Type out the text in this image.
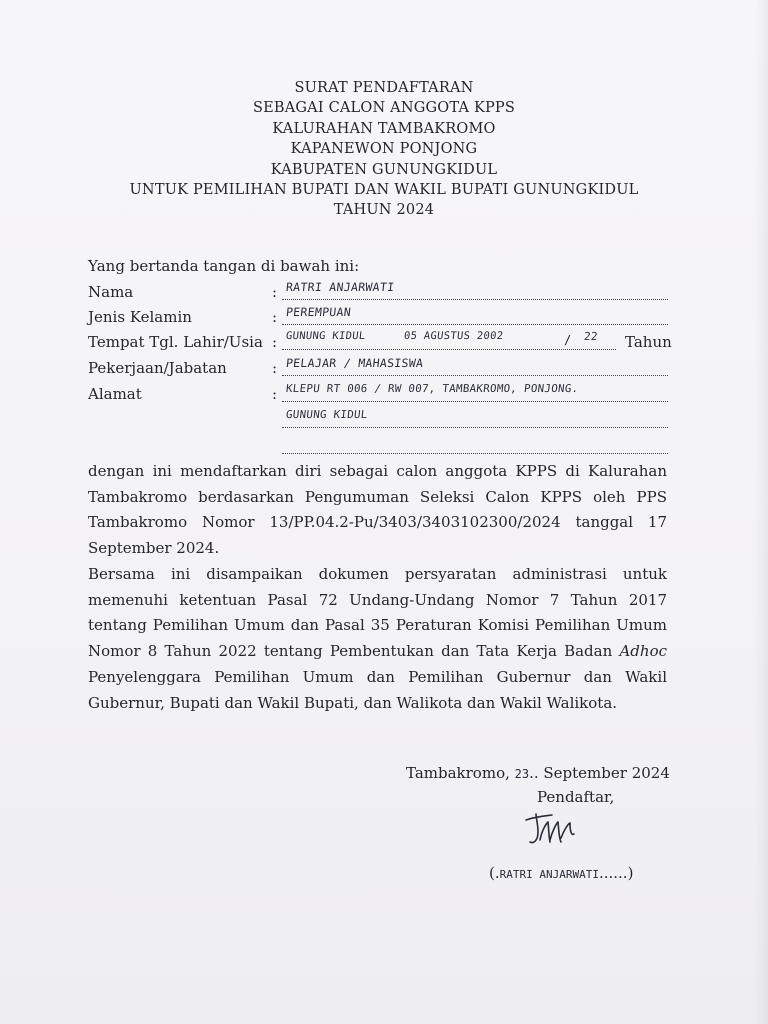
SURAT PENDAFTARAN
SEBAGAI CALON ANGGOTA KPPS
KALURAHAN TAMBAKROMO
KAPANEWON PONJONG
KABUPATEN GUNUNGKIDUL
UNTUK PEMILIHAN BUPATI DAN WAKIL BUPATI GUNUNGKIDUL
TAHUN 2024
Yang bertanda tangan di bawah ini:
Nama	: RATRI ANJARWATI
Jenis Kelamin	: PEREMPUAN
Tempat Tgl. Lahir/Usia : GUNUNG KIDUL	05 AGUSTUS 2002	/ 22 Tahun
Pekerjaan/Jabatan	: PELAJAR / MAHASISWA
Alamat	: KLEPU RT 006 / RW 007, TAMBAKROMO, PONJONG.
GUNUNG KIDUL
dengan ini mendaftarkan diri sebagai calon anggota KPPS di Kalurahan
Tambakromo berdasarkan Pengumuman Seleksi Calon KPPS oleh PPS
Tambakromo Nomor 13/PP.04.2-Pu/3403/3403102300/2024 tanggal 17
September 2024.
Bersama ini disampaikan dokumen persyaratan administrasi untuk
memenuhi ketentuan Pasal 72 Undang-Undang Nomor 7 Tahun 2017
tentang Pemilihan Umum dan Pasal 35 Peraturan Komisi Pemilihan Umum
Nomor 8 Tahun 2022 tentang Pembentukan dan Tata Kerja Badan Adhoc
Penyelenggara Pemilihan Umum dan Pemilihan Gubernur dan Wakil
Gubernur, Bupati dan Wakil Bupati, dan Walikota dan Wakil Walikota.
Tambakromo, 23.. September 2024
Pendaftar,
(.RATRI ANJARWATI......)
